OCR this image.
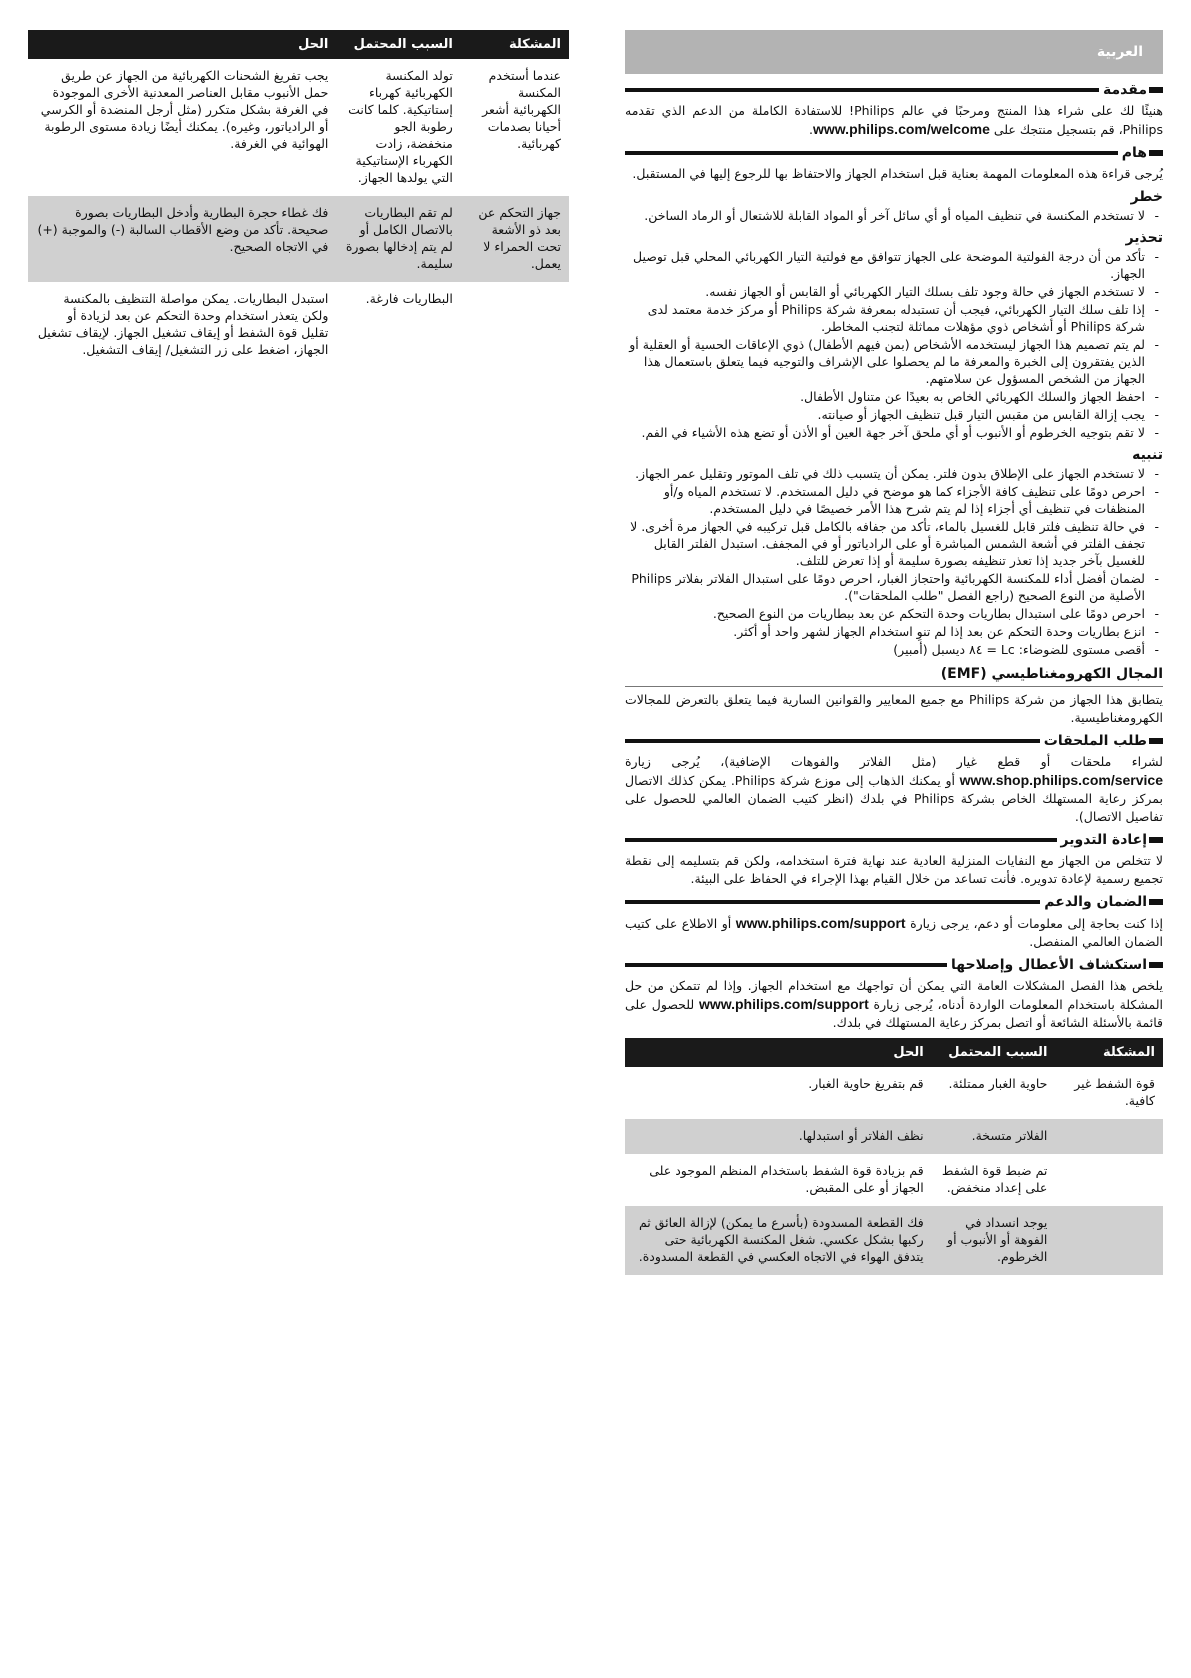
العربية
مقدمة

هنيئًا لك على شراء هذا المنتج ومرحبًا في عالم Philips! للاستفادة الكاملة من الدعم الذي تقدمه Philips، قم بتسجيل منتجك على www.philips.com/welcome.

هام

يُرجى قراءة هذه المعلومات المهمة بعناية قبل استخدام الجهاز والاحتفاظ بها للرجوع إليها في المستقبل.

خطر
- لا تستخدم المكنسة في تنظيف المياه أو أي سائل آخر أو المواد القابلة للاشتعال أو الرماد الساخن.
تحذير
- تأكد من أن درجة الفولتية الموضحة على الجهاز تتوافق مع فولتية التيار الكهربائي المحلي قبل توصيل الجهاز.
- لا تستخدم الجهاز في حالة وجود تلف بسلك التيار الكهربائي أو القابس أو الجهاز نفسه.
- إذا تلف سلك التيار الكهربائي، فيجب أن تستبدله بمعرفة شركة Philips أو مركز خدمة معتمد لدى شركة Philips أو أشخاص ذوي مؤهلات مماثلة لتجنب المخاطر.
- لم يتم تصميم هذا الجهاز ليستخدمه الأشخاص (بمن فيهم الأطفال) ذوي الإعاقات الحسية أو العقلية أو الذين يفتقرون إلى الخبرة والمعرفة ما لم يحصلوا على الإشراف والتوجيه فيما يتعلق باستعمال هذا الجهاز من الشخص المسؤول عن سلامتهم.
- احفظ الجهاز والسلك الكهربائي الخاص به بعيدًا عن متناول الأطفال.
- يجب إزالة القابس من مقبس التيار قبل تنظيف الجهاز أو صيانته.
- لا تقم بتوجيه الخرطوم أو الأنبوب أو أي ملحق آخر جهة العين أو الأذن أو تضع هذه الأشياء في الفم.
تنبيه
- لا تستخدم الجهاز على الإطلاق بدون فلتر. يمكن أن يتسبب ذلك في تلف الموتور وتقليل عمر الجهاز.
- احرص دومًا على تنظيف كافة الأجزاء كما هو موضح في دليل المستخدم. لا تستخدم المياه و/أو المنظفات في تنظيف أي أجزاء إذا لم يتم شرح هذا الأمر خصيصًا في دليل المستخدم.
- في حالة تنظيف فلتر قابل للغسيل بالماء، تأكد من جفافه بالكامل قبل تركيبه في الجهاز مرة أخرى. لا تجفف الفلتر في أشعة الشمس المباشرة أو على الرادياتور أو في المجفف. استبدل الفلتر القابل للغسيل بآخر جديد إذا تعذر تنظيفه بصورة سليمة أو إذا تعرض للتلف.
- لضمان أفضل أداء للمكنسة الكهربائية واحتجاز الغبار، احرص دومًا على استبدال الفلاتر بفلاتر Philips الأصلية من النوع الصحيح (راجع الفصل "طلب الملحقات").
- احرص دومًا على استبدال بطاريات وحدة التحكم عن بعد ببطاريات من النوع الصحيح.
- انزع بطاريات وحدة التحكم عن بعد إذا لم تنوِ استخدام الجهاز لشهر واحد أو أكثر.
- أقصى مستوى للضوضاء: Lc = ٨٤ ديسبل (أمبير)
المجال الكهرومغناطيسي (EMF)

يتطابق هذا الجهاز من شركة Philips مع جميع المعايير والقوانين السارية فيما يتعلق بالتعرض للمجالات الكهرومغناطيسية.

طلب الملحقات

لشراء ملحقات أو قطع غيار (مثل الفلاتر والفوهات الإضافية)، يُرجى زيارة www.shop.philips.com/service أو يمكنك الذهاب إلى موزع شركة Philips. يمكن كذلك الاتصال بمركز رعاية المستهلك الخاص بشركة Philips في بلدك (انظر كتيب الضمان العالمي للحصول على تفاصيل الاتصال).

إعادة التدوير

لا تتخلص من الجهاز مع النفايات المنزلية العادية عند نهاية فترة استخدامه، ولكن قم بتسليمه إلى نقطة تجميع رسمية لإعادة تدويره. فأنت تساعد من خلال القيام بهذا الإجراء في الحفاظ على البيئة.

الضمان والدعم

إذا كنت بحاجة إلى معلومات أو دعم، يرجى زيارة www.philips.com/support أو الاطلاع على كتيب الضمان العالمي المنفصل.

استكشاف الأعطال وإصلاحها

يلخص هذا الفصل المشكلات العامة التي يمكن أن تواجهك مع استخدام الجهاز. وإذا لم تتمكن من حل المشكلة باستخدام المعلومات الواردة أدناه، يُرجى زيارة www.philips.com/support للحصول على قائمة بالأسئلة الشائعة أو اتصل بمركز رعاية المستهلك في بلدك.

المشكلة	السبب المحتمل	الحل
قوة الشفط غير كافية.	حاوية الغبار ممتلئة.	قم بتفريغ حاوية الغبار.
	الفلاتر متسخة.	نظف الفلاتر أو استبدلها.
	تم ضبط قوة الشفط على إعداد منخفض.	قم بزيادة قوة الشفط باستخدام المنظم الموجود على الجهاز أو على المقبض.
	يوجد انسداد في الفوهة أو الأنبوب أو الخرطوم.	فك القطعة المسدودة (بأسرع ما يمكن) لإزالة العائق ثم ركبها بشكل عكسي. شغل المكنسة الكهربائية حتى يتدفق الهواء في الاتجاه العكسي في القطعة المسدودة.
المشكلة	السبب المحتمل	الحل
عندما أستخدم المكنسة الكهربائية أشعر أحيانا بصدمات كهربائية.	تولد المكنسة الكهربائية كهرباء إستاتيكية. كلما كانت رطوبة الجو منخفضة، زادت الكهرباء الإستاتيكية التي يولدها الجهاز.	يجب تفريغ الشحنات الكهربائية من الجهاز عن طريق حمل الأنبوب مقابل العناصر المعدنية الأخرى الموجودة في الغرفة بشكل متكرر (مثل أرجل المنضدة أو الكرسي أو الرادياتور، وغيره). يمكنك أيضًا زيادة مستوى الرطوبة الهوائية في الغرفة.
جهاز التحكم عن بعد ذو الأشعة تحت الحمراء لا يعمل.	لم تقم البطاريات بالاتصال الكامل أو لم يتم إدخالها بصورة سليمة.	فك غطاء حجرة البطارية وأدخل البطاريات بصورة صحيحة. تأكد من وضع الأقطاب السالبة (-) والموجبة (+) في الاتجاه الصحيح.
	البطاريات فارغة.	استبدل البطاريات. يمكن مواصلة التنظيف بالمكنسة ولكن يتعذر استخدام وحدة التحكم عن بعد لزيادة أو تقليل قوة الشفط أو إيقاف تشغيل الجهاز. لإيقاف تشغيل الجهاز، اضغط على زر التشغيل/ إيقاف التشغيل.
